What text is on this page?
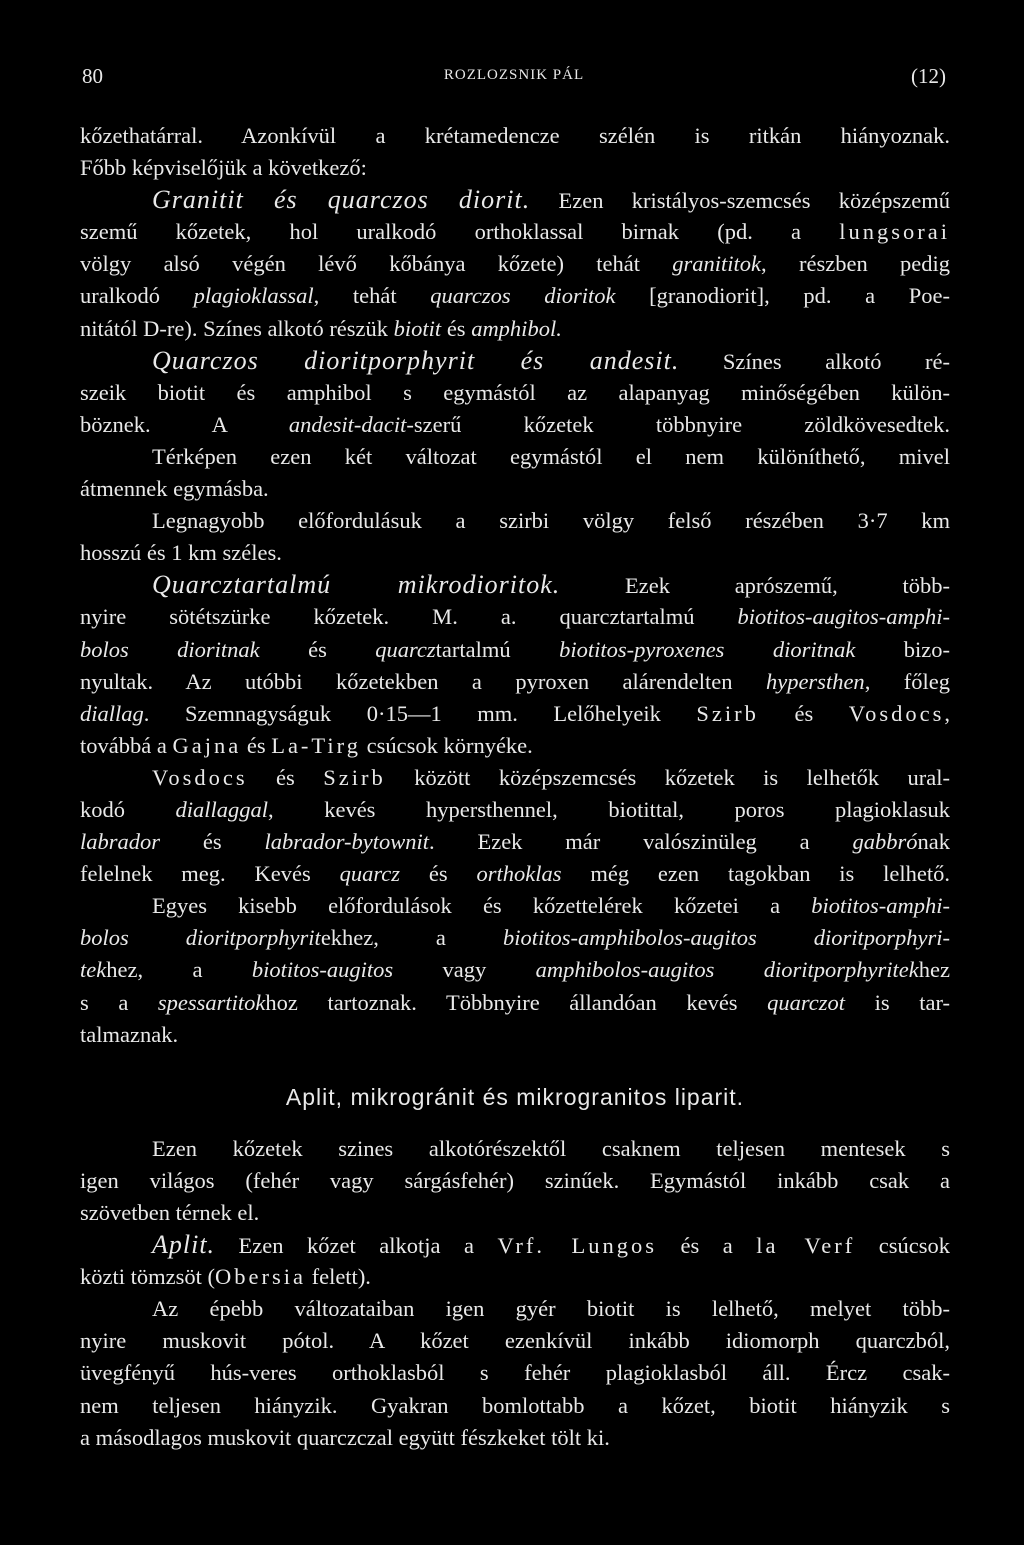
80	ROZLOZSNIK PÁL	(12)
kőzethatárral. Azonkívül a krétamedencze szélén is ritkán hiányoznak.
Főbb képviselőjük a következő:
Granitit és quarczos diorit. Ezen kristályos-szemcsés középszemű
szemű kőzetek, hol uralkodó orthoklassal birnak (pd. a lungsorai
völgy alsó végén lévő kőbánya kőzete) tehát granititok, részben pedig
uralkodó plagioklassal, tehát quarczos dioritok [granodiorit], pd. a Poe-
nitától D-re). Színes alkotó részük biotit és amphibol.
Quarczos dioritporphyrit és andesit. Színes alkotó ré-
szeik biotit és amphibol s egymástól az alapanyag minőségében külön-
böznek. A andesit-dacit-szerű kőzetek többnyire zöldkövesedtek.
Térképen ezen két változat egymástól el nem különíthető, mivel
átmennek egymásba.
Legnagyobb előfordulásuk a szirbi völgy felső részében 3·7 km
hosszú és 1 km széles.
Quarcztartalmú mikrodioritok. Ezek aprószemű, több-
nyire sötétszürke kőzetek. M. a. quarcztartalmú biotitos-augitos-amphi-
bolos dioritnak és quarcztartalmú biotitos-pyroxenes dioritnak bizo-
nyultak. Az utóbbi kőzetekben a pyroxen alárendelten hypersthen, főleg
diallag. Szemnagyságuk 0·15—1 mm. Lelőhelyeik Szirb és Vosdocs,
továbbá a Gajna és La-Tirg csúcsok környéke.
Vosdocs és Szirb között középszemcsés kőzetek is lelhetők ural-
kodó diallaggal, kevés hypersthennel, biotittal, poros plagioklasuk
labrador és labrador-bytownit. Ezek már valószinüleg a gabbrónak
felelnek meg. Kevés quarcz és orthoklas még ezen tagokban is lelhető.
Egyes kisebb előfordulások és kőzettelérek kőzetei a biotitos-amphi-
bolos dioritporphyritekhez, a biotitos-amphibolos-augitos dioritporphyri-
tekhez, a biotitos-augitos vagy amphibolos-augitos dioritporphyritekhez
s a spessartitokhoz tartoznak. Többnyire állandóan kevés quarczot is tar-
talmaznak.
Aplit, mikrogránit és mikrogranitos liparit.
Ezen kőzetek szines alkotórészektől csaknem teljesen mentesek s
igen világos (fehér vagy sárgásfehér) szinűek. Egymástól inkább csak a
szövetben térnek el.
Aplit. Ezen kőzet alkotja a Vrf. Lungos és a la Verf csúcsok
közti tömzsöt (Obersia felett).
Az épebb változataiban igen gyér biotit is lelhető, melyet több-
nyire muskovit pótol. A kőzet ezenkívül inkább idiomorph quarczból,
üvegfényű hús-veres orthoklasból s fehér plagioklasból áll. Ércz csak-
nem teljesen hiányzik. Gyakran bomlottabb a kőzet, biotit hiányzik s
a másodlagos muskovit quarczczal együtt fészkeket tölt ki.
